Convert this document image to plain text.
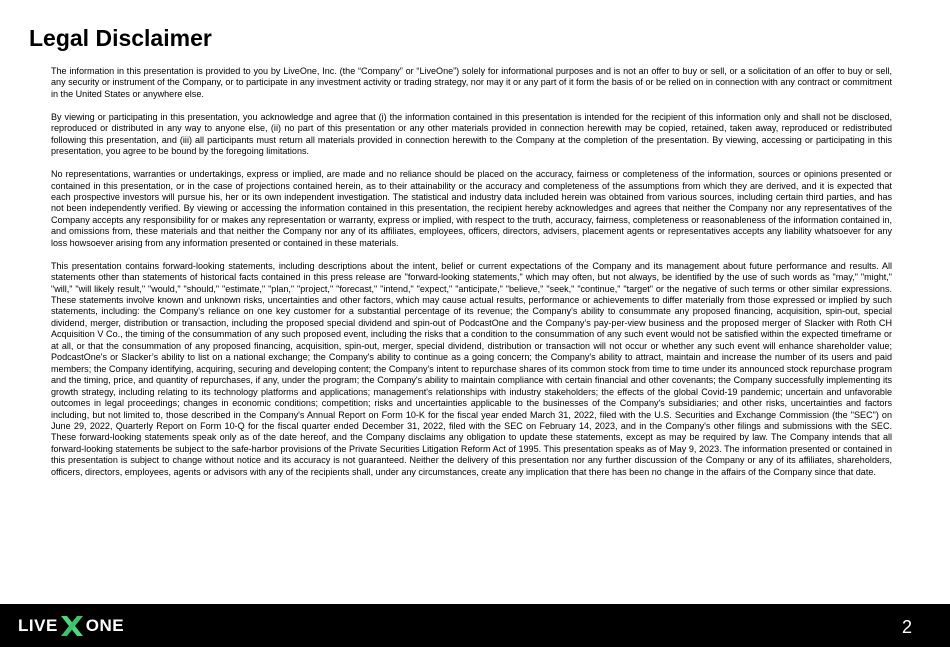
Legal Disclaimer

The information in this presentation is provided to you by LiveOne, Inc. (the “Company” or “LiveOne”) solely for informational purposes and is not an offer to buy or sell, or a solicitation of an offer to buy or sell, any security or instrument of the Company, or to participate in any investment activity or trading strategy, nor may it or any part of it form the basis of or be relied on in connection with any contract or commitment in the United States or anywhere else.

By viewing or participating in this presentation, you acknowledge and agree that (i) the information contained in this presentation is intended for the recipient of this information only and shall not be disclosed, reproduced or distributed in any way to anyone else, (ii) no part of this presentation or any other materials provided in connection herewith may be copied, retained, taken away, reproduced or redistributed following this presentation, and (iii) all participants must return all materials provided in connection herewith to the Company at the completion of the presentation. By viewing, accessing or participating in this presentation, you agree to be bound by the foregoing limitations.

No representations, warranties or undertakings, express or implied, are made and no reliance should be placed on the accuracy, fairness or completeness of the information, sources or opinions presented or contained in this presentation, or in the case of projections contained herein, as to their attainability or the accuracy and completeness of the assumptions from which they are derived, and it is expected that each prospective investors will pursue his, her or its own independent investigation. The statistical and industry data included herein was obtained from various sources, including certain third parties, and has not been independently verified. By viewing or accessing the information contained in this presentation, the recipient hereby acknowledges and agrees that neither the Company nor any representatives of the Company accepts any responsibility for or makes any representation or warranty, express or implied, with respect to the truth, accuracy, fairness, completeness or reasonableness of the information contained in, and omissions from, these materials and that neither the Company nor any of its affiliates, employees, officers, directors, advisers, placement agents or representatives accepts any liability whatsoever for any loss howsoever arising from any information presented or contained in these materials.

This presentation contains forward-looking statements, including descriptions about the intent, belief or current expectations of the Company and its management about future performance and results. All statements other than statements of historical facts contained in this press release are "forward-looking statements," which may often, but not always, be identified by the use of such words as "may," "might," "will," "will likely result," "would," "should," "estimate," "plan," "project," "forecast," "intend," "expect," "anticipate," "believe," "seek," "continue," "target" or the negative of such terms or other similar expressions. These statements involve known and unknown risks, uncertainties and other factors, which may cause actual results, performance or achievements to differ materially from those expressed or implied by such statements, including: the Company's reliance on one key customer for a substantial percentage of its revenue; the Company's ability to consummate any proposed financing, acquisition, spin-out, special dividend, merger, distribution or transaction, including the proposed special dividend and spin-out of PodcastOne and the Company’s pay-per-view business and the proposed merger of Slacker with Roth CH Acquisition V Co., the timing of the consummation of any such proposed event, including the risks that a condition to the consummation of any such event would not be satisfied within the expected timeframe or at all, or that the consummation of any proposed financing, acquisition, spin-out, merger, special dividend, distribution or transaction will not occur or whether any such event will enhance shareholder value; PodcastOne's or Slacker’s ability to list on a national exchange; the Company's ability to continue as a going concern; the Company's ability to attract, maintain and increase the number of its users and paid members; the Company identifying, acquiring, securing and developing content; the Company's intent to repurchase shares of its common stock from time to time under its announced stock repurchase program and the timing, price, and quantity of repurchases, if any, under the program; the Company's ability to maintain compliance with certain financial and other covenants; the Company successfully implementing its growth strategy, including relating to its technology platforms and applications; management's relationships with industry stakeholders; the effects of the global Covid-19 pandemic; uncertain and unfavorable outcomes in legal proceedings; changes in economic conditions; competition; risks and uncertainties applicable to the businesses of the Company's subsidiaries; and other risks, uncertainties and factors including, but not limited to, those described in the Company's Annual Report on Form 10-K for the fiscal year ended March 31, 2022, filed with the U.S. Securities and Exchange Commission (the "SEC") on June 29, 2022, Quarterly Report on Form 10-Q for the fiscal quarter ended December 31, 2022, filed with the SEC on February 14, 2023, and in the Company's other filings and submissions with the SEC. These forward-looking statements speak only as of the date hereof, and the Company disclaims any obligation to update these statements, except as may be required by law. The Company intends that all forward-looking statements be subject to the safe-harbor provisions of the Private Securities Litigation Reform Act of 1995. This presentation speaks as of May 9, 2023. The information presented or contained in this presentation is subject to change without notice and its accuracy is not guaranteed. Neither the delivery of this presentation nor any further discussion of the Company or any of its affiliates, shareholders, officers, directors, employees, agents or advisors with any of the recipients shall, under any circumstances, create any implication that there has been no change in the affairs of the Company since that date.

LIVE ONE	2
